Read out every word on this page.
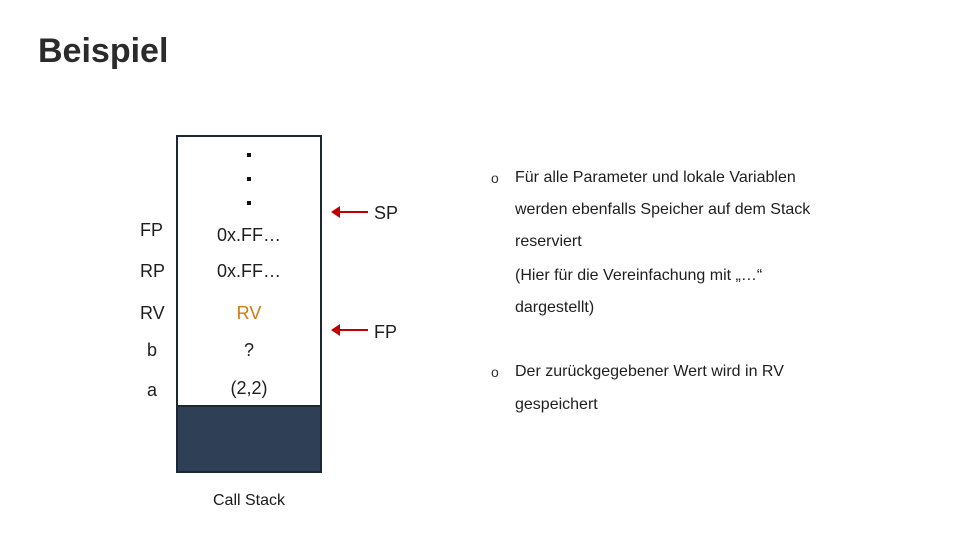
Beispiel
FP	0x.FF…
RP	0x.FF…
RV	RV
b	?
a	(2,2)
SP
FP
Call Stack
o Für alle Parameter und lokale Variablen
werden ebenfalls Speicher auf dem Stack
reserviert
(Hier für die Vereinfachung mit „…“
dargestellt)
o Der zurückgegebener Wert wird in RV
gespeichert
